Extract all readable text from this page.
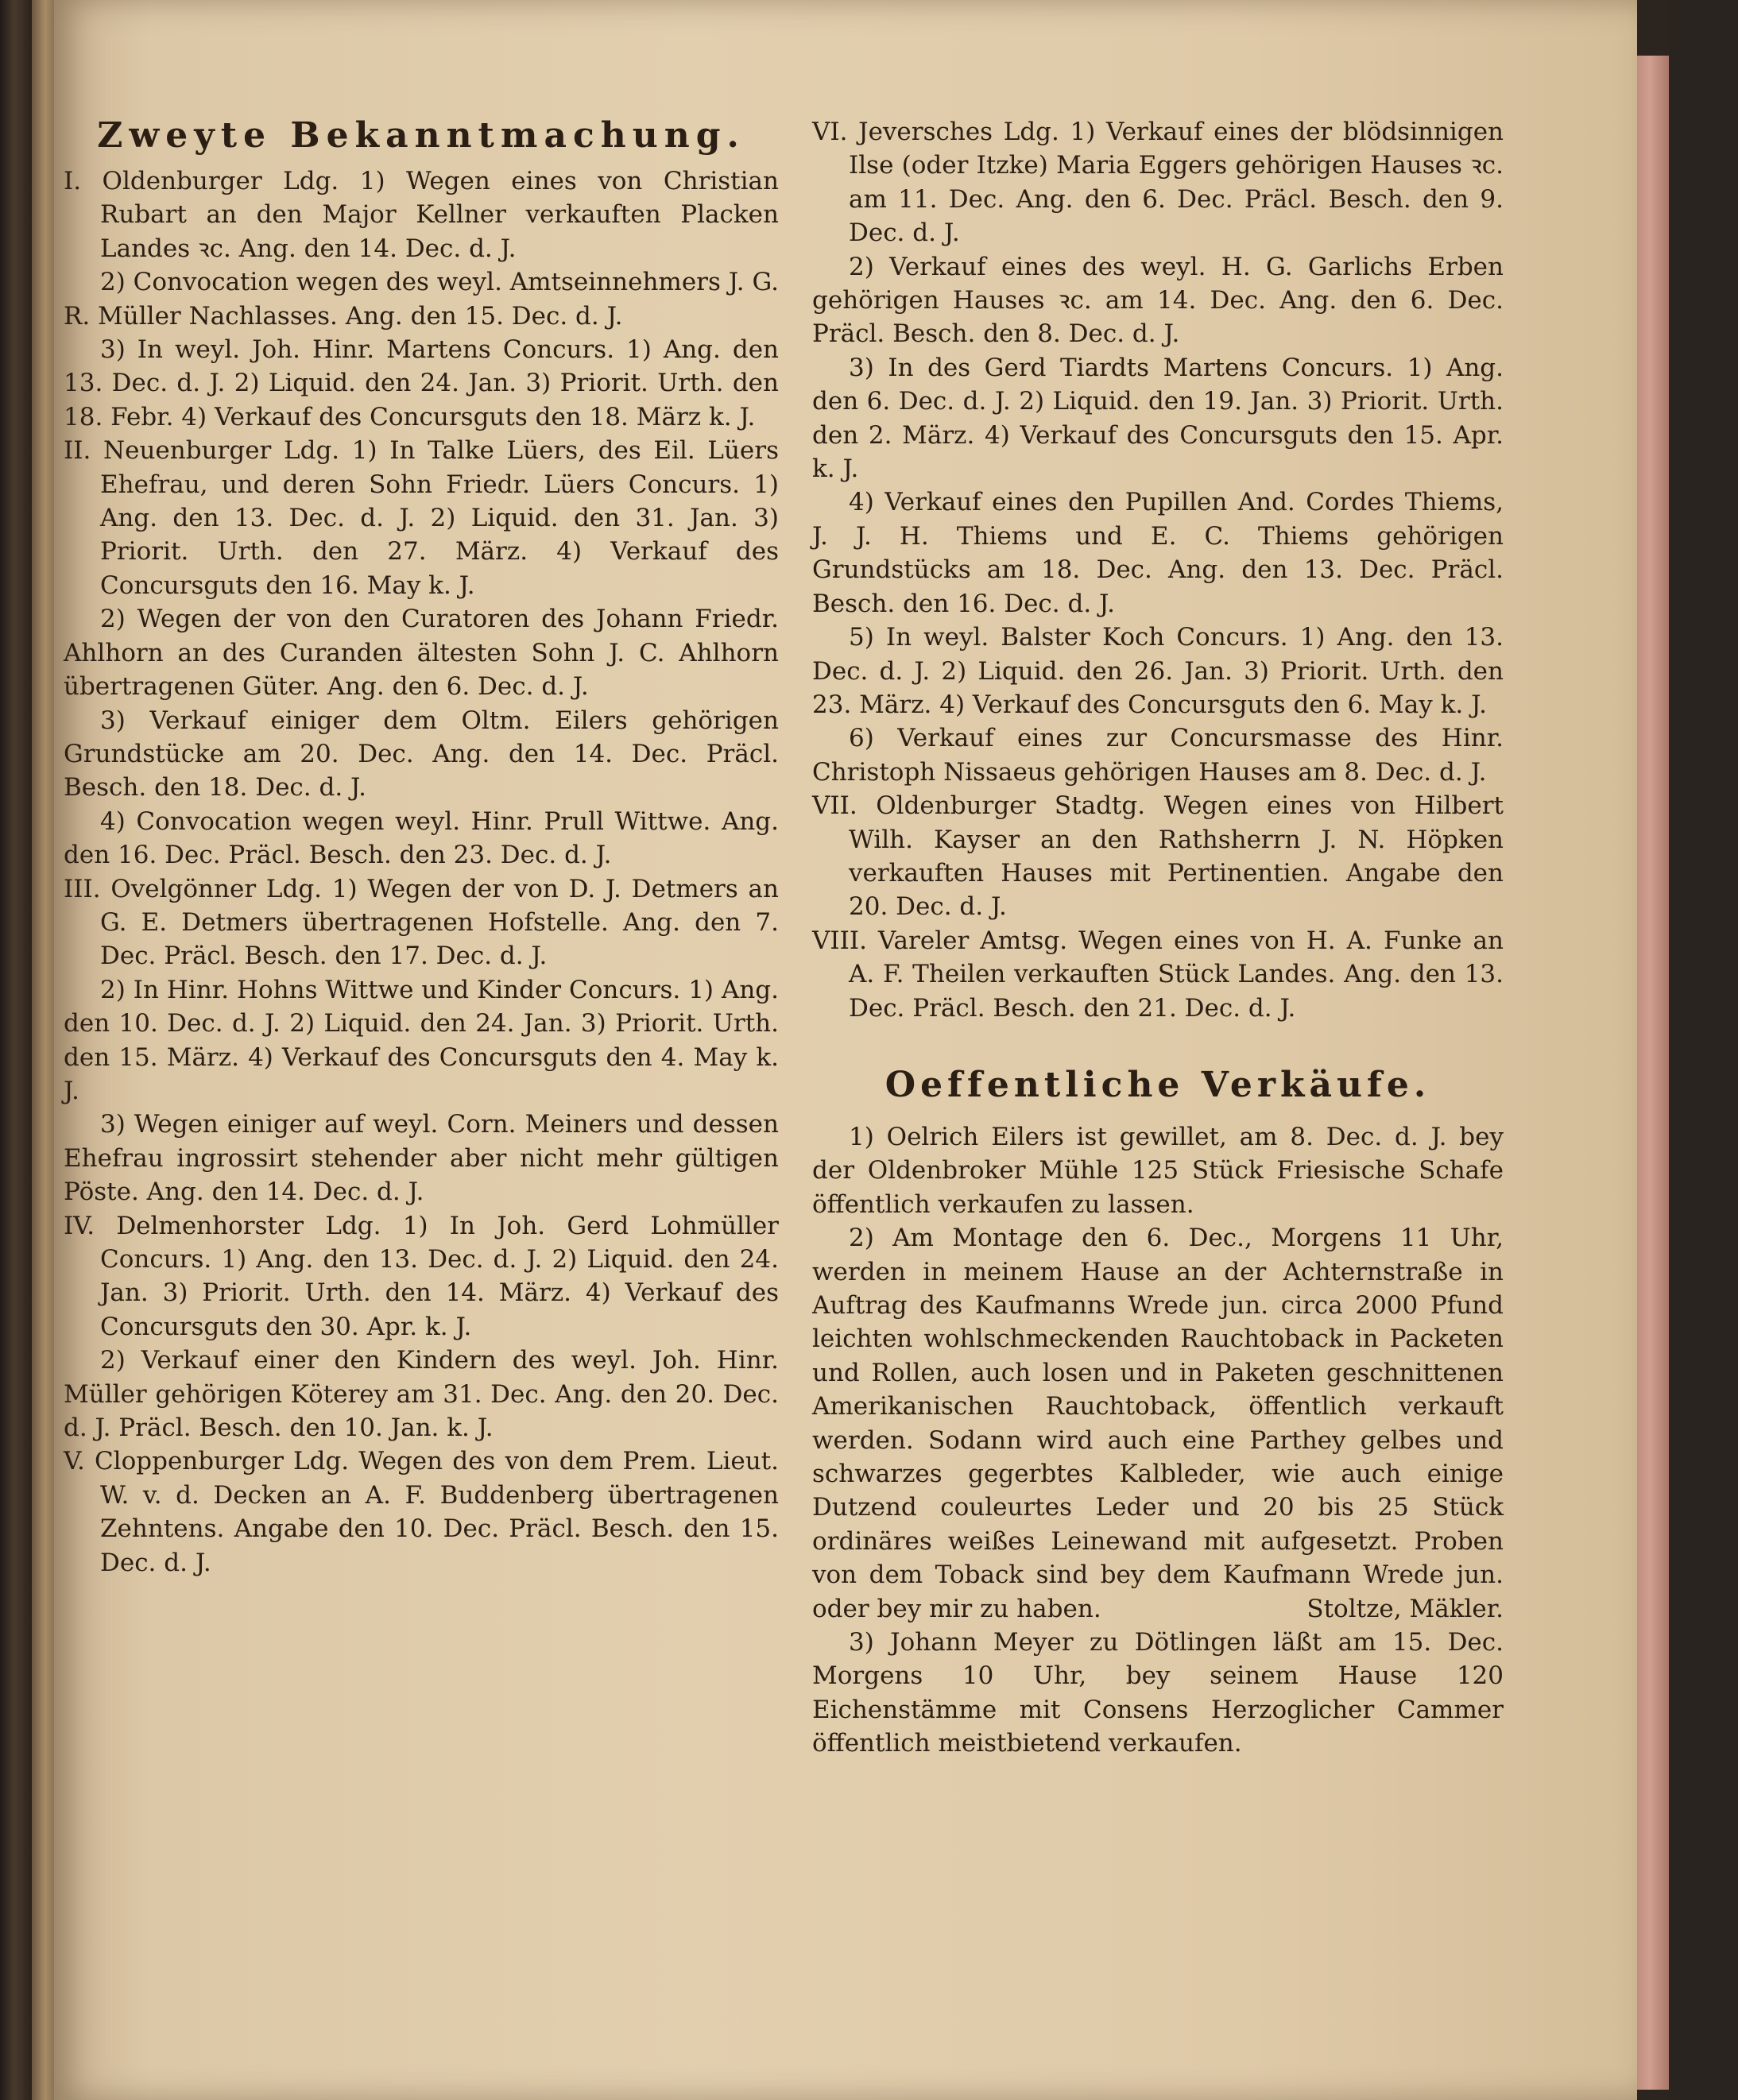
Zweyte Bekanntmachung.

I. Oldenburger Ldg. 1) Wegen eines von Christian Rubart an den Major Kellner verkauften Placken Landes ꝛc. Ang. den 14. Dec. d. J.

2) Convocation wegen des weyl. Amtseinnehmers J. G. R. Müller Nachlasses. Ang. den 15. Dec. d. J.

3) In weyl. Joh. Hinr. Martens Concurs. 1) Ang. den 13. Dec. d. J. 2) Liquid. den 24. Jan. 3) Priorit. Urth. den 18. Febr. 4) Verkauf des Concursguts den 18. März k. J.

II. Neuenburger Ldg. 1) In Talke Lüers, des Eil. Lüers Ehefrau, und deren Sohn Friedr. Lüers Concurs. 1) Ang. den 13. Dec. d. J. 2) Liquid. den 31. Jan. 3) Priorit. Urth. den 27. März. 4) Verkauf des Concursguts den 16. May k. J.

2) Wegen der von den Curatoren des Johann Friedr. Ahlhorn an des Curanden ältesten Sohn J. C. Ahlhorn übertragenen Güter. Ang. den 6. Dec. d. J.

3) Verkauf einiger dem Oltm. Eilers gehörigen Grundstücke am 20. Dec. Ang. den 14. Dec. Präcl. Besch. den 18. Dec. d. J.

4) Convocation wegen weyl. Hinr. Prull Wittwe. Ang. den 16. Dec. Präcl. Besch. den 23. Dec. d. J.

III. Ovelgönner Ldg. 1) Wegen der von D. J. Detmers an G. E. Detmers übertragenen Hofstelle. Ang. den 7. Dec. Präcl. Besch. den 17. Dec. d. J.

2) In Hinr. Hohns Wittwe und Kinder Concurs. 1) Ang. den 10. Dec. d. J. 2) Liquid. den 24. Jan. 3) Priorit. Urth. den 15. März. 4) Verkauf des Concursguts den 4. May k. J.

3) Wegen einiger auf weyl. Corn. Meiners und dessen Ehefrau ingrossirt stehender aber nicht mehr gültigen Pöste. Ang. den 14. Dec. d. J.

IV. Delmenhorster Ldg. 1) In Joh. Gerd Lohmüller Concurs. 1) Ang. den 13. Dec. d. J. 2) Liquid. den 24. Jan. 3) Priorit. Urth. den 14. März. 4) Verkauf des Concursguts den 30. Apr. k. J.

2) Verkauf einer den Kindern des weyl. Joh. Hinr. Müller gehörigen Köterey am 31. Dec. Ang. den 20. Dec. d. J. Präcl. Besch. den 10. Jan. k. J.

V. Cloppenburger Ldg. Wegen des von dem Prem. Lieut. W. v. d. Decken an A. F. Buddenberg übertragenen Zehntens. Angabe den 10. Dec. Präcl. Besch. den 15. Dec. d. J.

VI. Jeversches Ldg. 1) Verkauf eines der blödsinnigen Ilse (oder Itzke) Maria Eggers gehörigen Hauses ꝛc. am 11. Dec. Ang. den 6. Dec. Präcl. Besch. den 9. Dec. d. J.

2) Verkauf eines des weyl. H. G. Garlichs Erben gehörigen Hauses ꝛc. am 14. Dec. Ang. den 6. Dec. Präcl. Besch. den 8. Dec. d. J.

3) In des Gerd Tiardts Martens Concurs. 1) Ang. den 6. Dec. d. J. 2) Liquid. den 19. Jan. 3) Priorit. Urth. den 2. März. 4) Verkauf des Concursguts den 15. Apr. k. J.

4) Verkauf eines den Pupillen And. Cordes Thiems, J. J. H. Thiems und E. C. Thiems gehörigen Grundstücks am 18. Dec. Ang. den 13. Dec. Präcl. Besch. den 16. Dec. d. J.

5) In weyl. Balster Koch Concurs. 1) Ang. den 13. Dec. d. J. 2) Liquid. den 26. Jan. 3) Priorit. Urth. den 23. März. 4) Verkauf des Concursguts den 6. May k. J.

6) Verkauf eines zur Concursmasse des Hinr. Christoph Nissaeus gehörigen Hauses am 8. Dec. d. J.

VII. Oldenburger Stadtg. Wegen eines von Hilbert Wilh. Kayser an den Rathsherrn J. N. Höpken verkauften Hauses mit Pertinentien. Angabe den 20. Dec. d. J.

VIII. Vareler Amtsg. Wegen eines von H. A. Funke an A. F. Theilen verkauften Stück Landes. Ang. den 13. Dec. Präcl. Besch. den 21. Dec. d. J.

Oeffentliche Verkäufe.

1) Oelrich Eilers ist gewillet, am 8. Dec. d. J. bey der Oldenbroker Mühle 125 Stück Friesische Schafe öffentlich verkaufen zu lassen.

2) Am Montage den 6. Dec., Morgens 11 Uhr, werden in meinem Hause an der Achternstraße in Auftrag des Kaufmanns Wrede jun. circa 2000 Pfund leichten wohlschmeckenden Rauchtoback in Packeten und Rollen, auch losen und in Paketen geschnittenen Amerikanischen Rauchtoback, öffentlich verkauft werden. Sodann wird auch eine Parthey gelbes und schwarzes gegerbtes Kalbleder, wie auch einige Dutzend couleurtes Leder und 20 bis 25 Stück ordinäres weißes Leinewand mit aufgesetzt. Proben von dem Toback sind bey dem Kaufmann Wrede jun. oder bey mir zu haben.	Stoltze, Mäkler.

3) Johann Meyer zu Dötlingen läßt am 15. Dec. Morgens 10 Uhr, bey seinem Hause 120 Eichenstämme mit Consens Herzoglicher Cammer öffentlich meistbietend verkaufen.
